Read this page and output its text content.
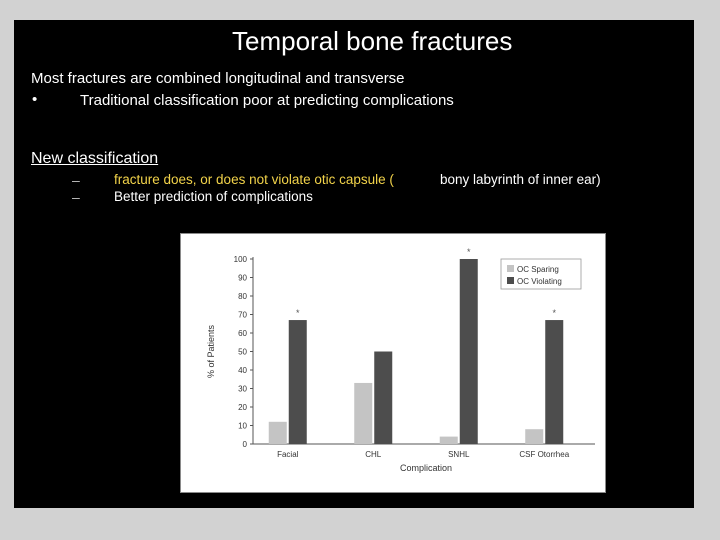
Temporal bone fractures
Most fractures are combined longitudinal and transverse
•	Traditional classification poor at predicting complications
New classification
–	fracture does, or does not violate otic capsule (	bony labyrinth of inner ear)
–	Better prediction of complications
0
10
20
30
40
50
60
70
80
90
100
% of Patients
*
Facial	CHL
*
SNHL
*
CSF Otorrhea
Complication
OC Sparing
OC Violating
